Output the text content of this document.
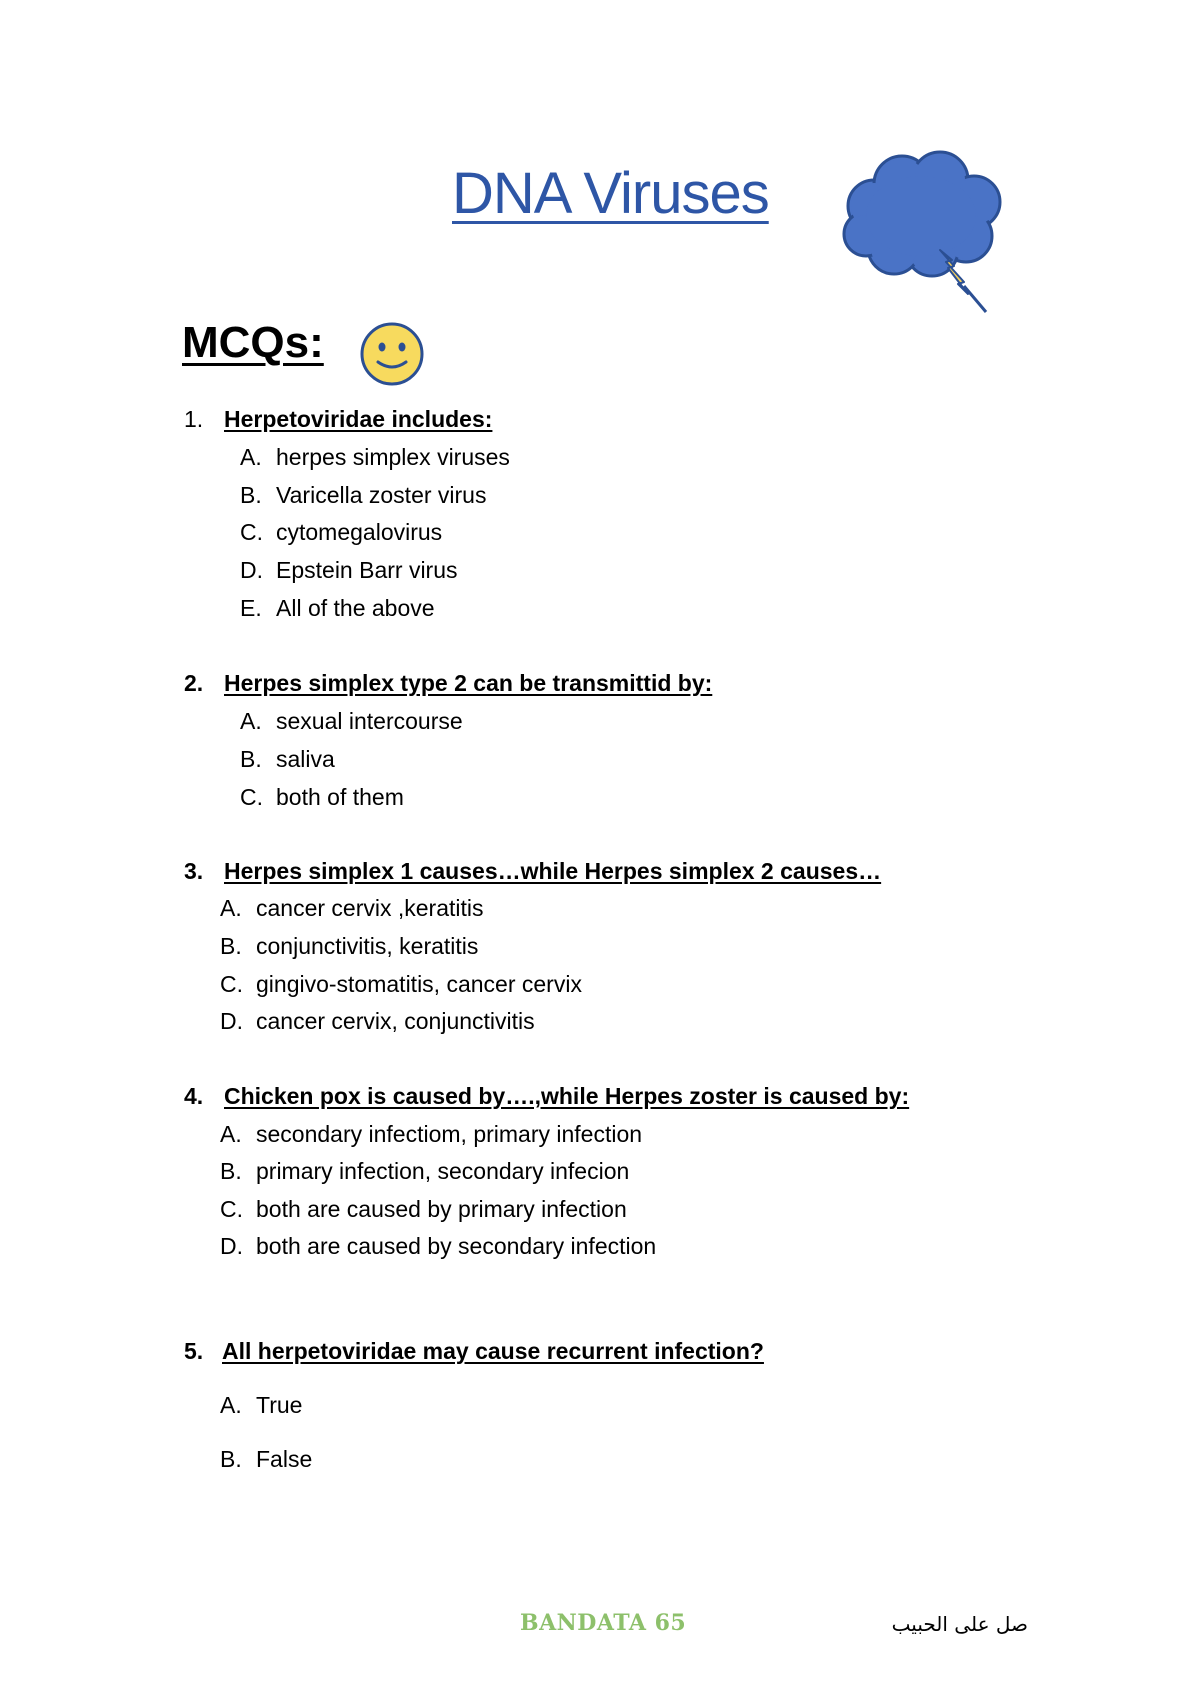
DNA Viruses
MCQs:
1. Herpetoviridae includes:
A. herpes simplex viruses
B. Varicella zoster virus
C. cytomegalovirus
D. Epstein Barr virus
E. All of the above
2. Herpes simplex type 2 can be transmittid by:
A. sexual intercourse
B. saliva
C. both of them
3. Herpes simplex 1 causes…while Herpes simplex 2 causes…
A. cancer cervix ,keratitis
B. conjunctivitis, keratitis
C. gingivo-stomatitis, cancer cervix
D. cancer cervix, conjunctivitis
4. Chicken pox is caused by….,while Herpes zoster is caused by:
A. secondary infectiom, primary infection
B. primary infection, secondary infecion
C. both are caused by primary infection
D. both are caused by secondary infection
5. All herpetoviridae may cause recurrent infection?
A. True
B. False
BANDATA 65	صل على الحبيب
